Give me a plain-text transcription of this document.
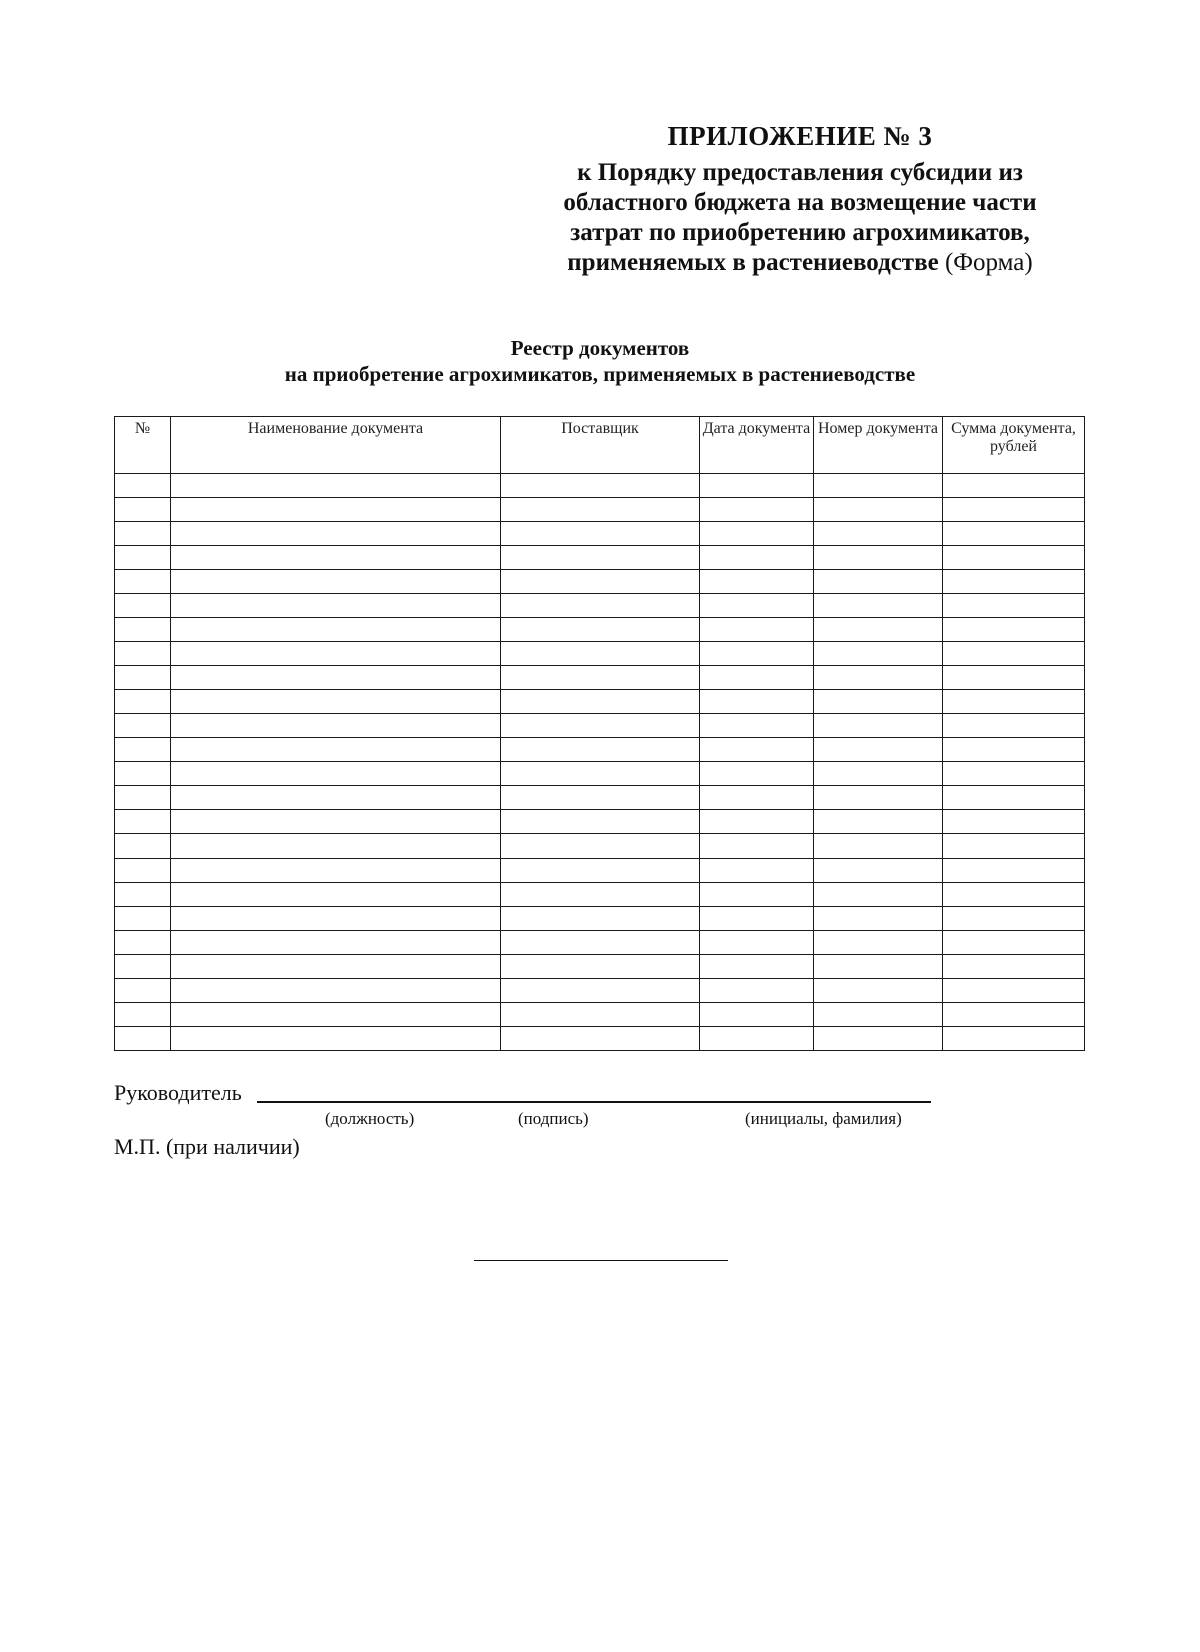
ПРИЛОЖЕНИЕ № 3
к Порядку предоставления субсидии из
областного бюджета на возмещение части
затрат по приобретению агрохимикатов,
применяемых в растениеводстве (Форма)
Реестр документов
на приобретение агрохимикатов, применяемых в растениеводстве
№	Наименование документа	Поставщик	Дата документа	Номер документа	Сумма документа, рублей

Руководитель
(должность)	(подпись)	(инициалы, фамилия)
М.П. (при наличии)
